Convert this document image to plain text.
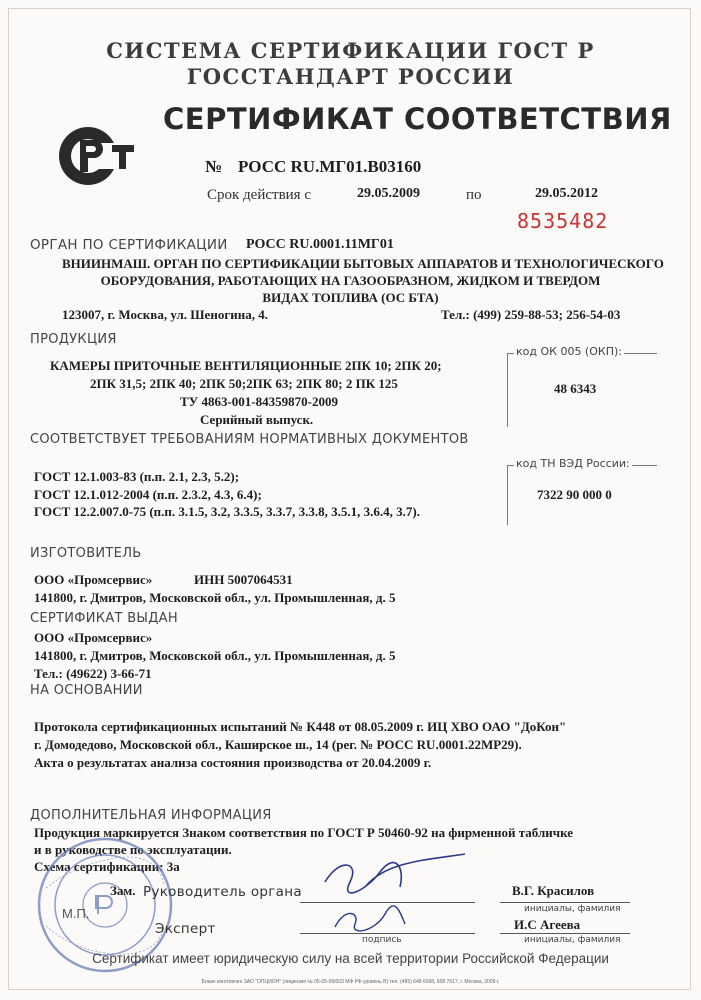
СИСТЕМА СЕРТИФИКАЦИИ ГОСТ Р
ГОССТАНДАРТ РОССИИ
СЕРТИФИКАТ СООТВЕТСТВИЯ
№ РОСС RU.МГ01.В03160
Срок действия с	29.05.2009	по	29.05.2012
8535482
ОРГАН ПО СЕРТИФИКАЦИИ РОСС RU.0001.11МГ01
ВНИИНМАШ. ОРГАН ПО СЕРТИФИКАЦИИ БЫТОВЫХ АППАРАТОВ И ТЕХНОЛОГИЧЕСКОГО
ОБОРУДОВАНИЯ, РАБОТАЮЩИХ НА ГАЗООБРАЗНОМ, ЖИДКОМ И ТВЕРДОМ
ВИДАХ ТОПЛИВА (ОС БТА)
123007, г. Москва, ул. Шеногина, 4.	Тел.: (499) 259-88-53; 256-54-03
ПРОДУКЦИЯ
код ОК 005 (ОКП):
48 6343
КАМЕРЫ ПРИТОЧНЫЕ ВЕНТИЛЯЦИОННЫЕ 2ПК 10; 2ПК 20;
2ПК 31,5; 2ПК 40; 2ПК 50;2ПК 63; 2ПК 80; 2 ПК 125
ТУ 4863-001-84359870-2009
Серийный выпуск.
СООТВЕТСТВУЕТ ТРЕБОВАНИЯМ НОРМАТИВНЫХ ДОКУМЕНТОВ
код ТН ВЭД России:
7322 90 000 0
ГОСТ 12.1.003-83 (п.п. 2.1, 2.3, 5.2);
ГОСТ 12.1.012-2004 (п.п. 2.3.2, 4.3, 6.4);
ГОСТ 12.2.007.0-75 (п.п. 3.1.5, 3.2, 3.3.5, 3.3.7, 3.3.8, 3.5.1, 3.6.4, 3.7).
ИЗГОТОВИТЕЛЬ
ООО «Промсервис»	ИНН 5007064531
141800, г. Дмитров, Московской обл., ул. Промышленная, д. 5
СЕРТИФИКАТ ВЫДАН
ООО «Промсервис»
141800, г. Дмитров, Московской обл., ул. Промышленная, д. 5
Тел.: (49622) 3-66-71
НА ОСНОВАНИИ
Протокола сертификационных испытаний № К448 от 08.05.2009 г. ИЦ ХВО ОАО "ДоКон"
г. Домодедово, Московской обл., Каширское ш., 14 (рег. № РОСС RU.0001.22МР29).
Акта о результатах анализа состояния производства от 20.04.2009 г.
ДОПОЛНИТЕЛЬНАЯ ИНФОРМАЦИЯ
Продукция маркируется Знаком соответствия по ГОСТ Р 50460-92 на фирменной табличке
и в руководстве по эксплуатации.
Схема сертификации: 3а
Зам. Руководитель органа	В.Г. Красилов
инициалы, фамилия
М.П.
Эксперт
подпись
И.С Агеева
инициалы, фамилия
Сертификат имеет юридическую силу на всей территории Российской Федерации
Бланк изготовлен ЗАО "ОПЦИОН" (лицензия № 05-05-09/003 МФ РФ уровень В) тел. (495) 648 6068, 608 7617, г. Москва, 2009 г.
